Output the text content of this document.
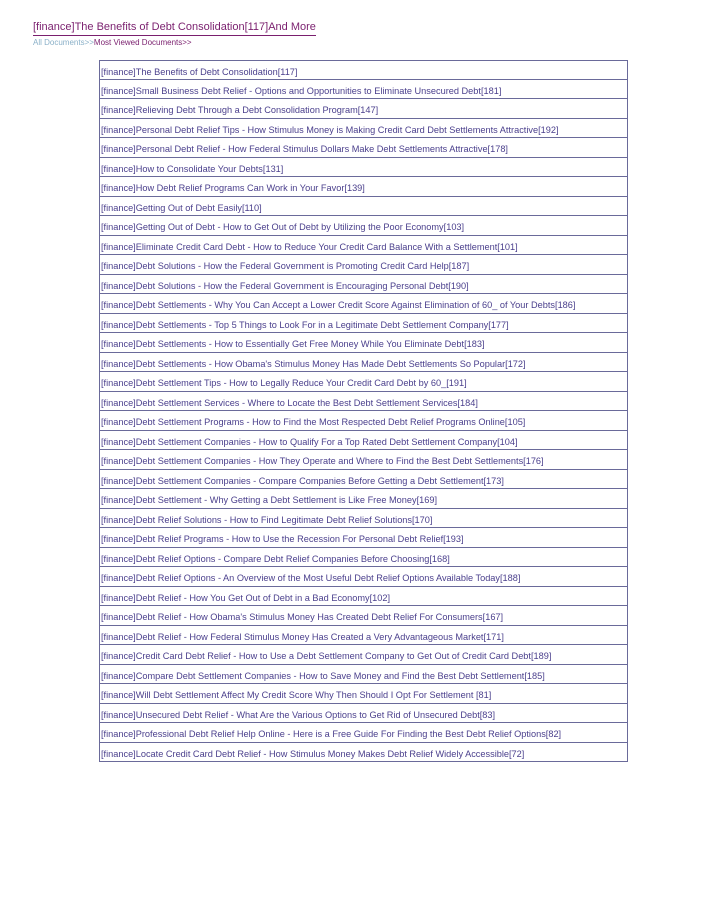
[finance]The Benefits of Debt Consolidation[117]And More
All Documents>>Most Viewed Documents>>
[finance]The Benefits of Debt Consolidation[117]
[finance]Small Business Debt Relief - Options and Opportunities to Eliminate Unsecured Debt[181]
[finance]Relieving Debt Through a Debt Consolidation Program[147]
[finance]Personal Debt Relief Tips - How Stimulus Money is Making Credit Card Debt Settlements Attractive[192]
[finance]Personal Debt Relief - How Federal Stimulus Dollars Make Debt Settlements Attractive[178]
[finance]How to Consolidate Your Debts[131]
[finance]How Debt Relief Programs Can Work in Your Favor[139]
[finance]Getting Out of Debt Easily[110]
[finance]Getting Out of Debt - How to Get Out of Debt by Utilizing the Poor Economy[103]
[finance]Eliminate Credit Card Debt - How to Reduce Your Credit Card Balance With a Settlement[101]
[finance]Debt Solutions - How the Federal Government is Promoting Credit Card Help[187]
[finance]Debt Solutions - How the Federal Government is Encouraging Personal Debt[190]
[finance]Debt Settlements - Why You Can Accept a Lower Credit Score Against Elimination of 60_ of Your Debts[186]
[finance]Debt Settlements - Top 5 Things to Look For in a Legitimate Debt Settlement Company[177]
[finance]Debt Settlements - How to Essentially Get Free Money While You Eliminate Debt[183]
[finance]Debt Settlements - How Obama's Stimulus Money Has Made Debt Settlements So Popular[172]
[finance]Debt Settlement Tips - How to Legally Reduce Your Credit Card Debt by 60_[191]
[finance]Debt Settlement Services - Where to Locate the Best Debt Settlement Services[184]
[finance]Debt Settlement Programs - How to Find the Most Respected Debt Relief Programs Online[105]
[finance]Debt Settlement Companies - How to Qualify For a Top Rated Debt Settlement Company[104]
[finance]Debt Settlement Companies - How They Operate and Where to Find the Best Debt Settlements[176]
[finance]Debt Settlement Companies - Compare Companies Before Getting a Debt Settlement[173]
[finance]Debt Settlement - Why Getting a Debt Settlement is Like Free Money[169]
[finance]Debt Relief Solutions - How to Find Legitimate Debt Relief Solutions[170]
[finance]Debt Relief Programs - How to Use the Recession For Personal Debt Relief[193]
[finance]Debt Relief Options - Compare Debt Relief Companies Before Choosing[168]
[finance]Debt Relief Options - An Overview of the Most Useful Debt Relief Options Available Today[188]
[finance]Debt Relief - How You Get Out of Debt in a Bad Economy[102]
[finance]Debt Relief - How Obama's Stimulus Money Has Created Debt Relief For Consumers[167]
[finance]Debt Relief - How Federal Stimulus Money Has Created a Very Advantageous Market[171]
[finance]Credit Card Debt Relief - How to Use a Debt Settlement Company to Get Out of Credit Card Debt[189]
[finance]Compare Debt Settlement Companies - How to Save Money and Find the Best Debt Settlement[185]
[finance]Will Debt Settlement Affect My Credit Score Why Then Should I Opt For Settlement [81]
[finance]Unsecured Debt Relief - What Are the Various Options to Get Rid of Unsecured Debt[83]
[finance]Professional Debt Relief Help Online - Here is a Free Guide For Finding the Best Debt Relief Options[82]
[finance]Locate Credit Card Debt Relief - How Stimulus Money Makes Debt Relief Widely Accessible[72]
